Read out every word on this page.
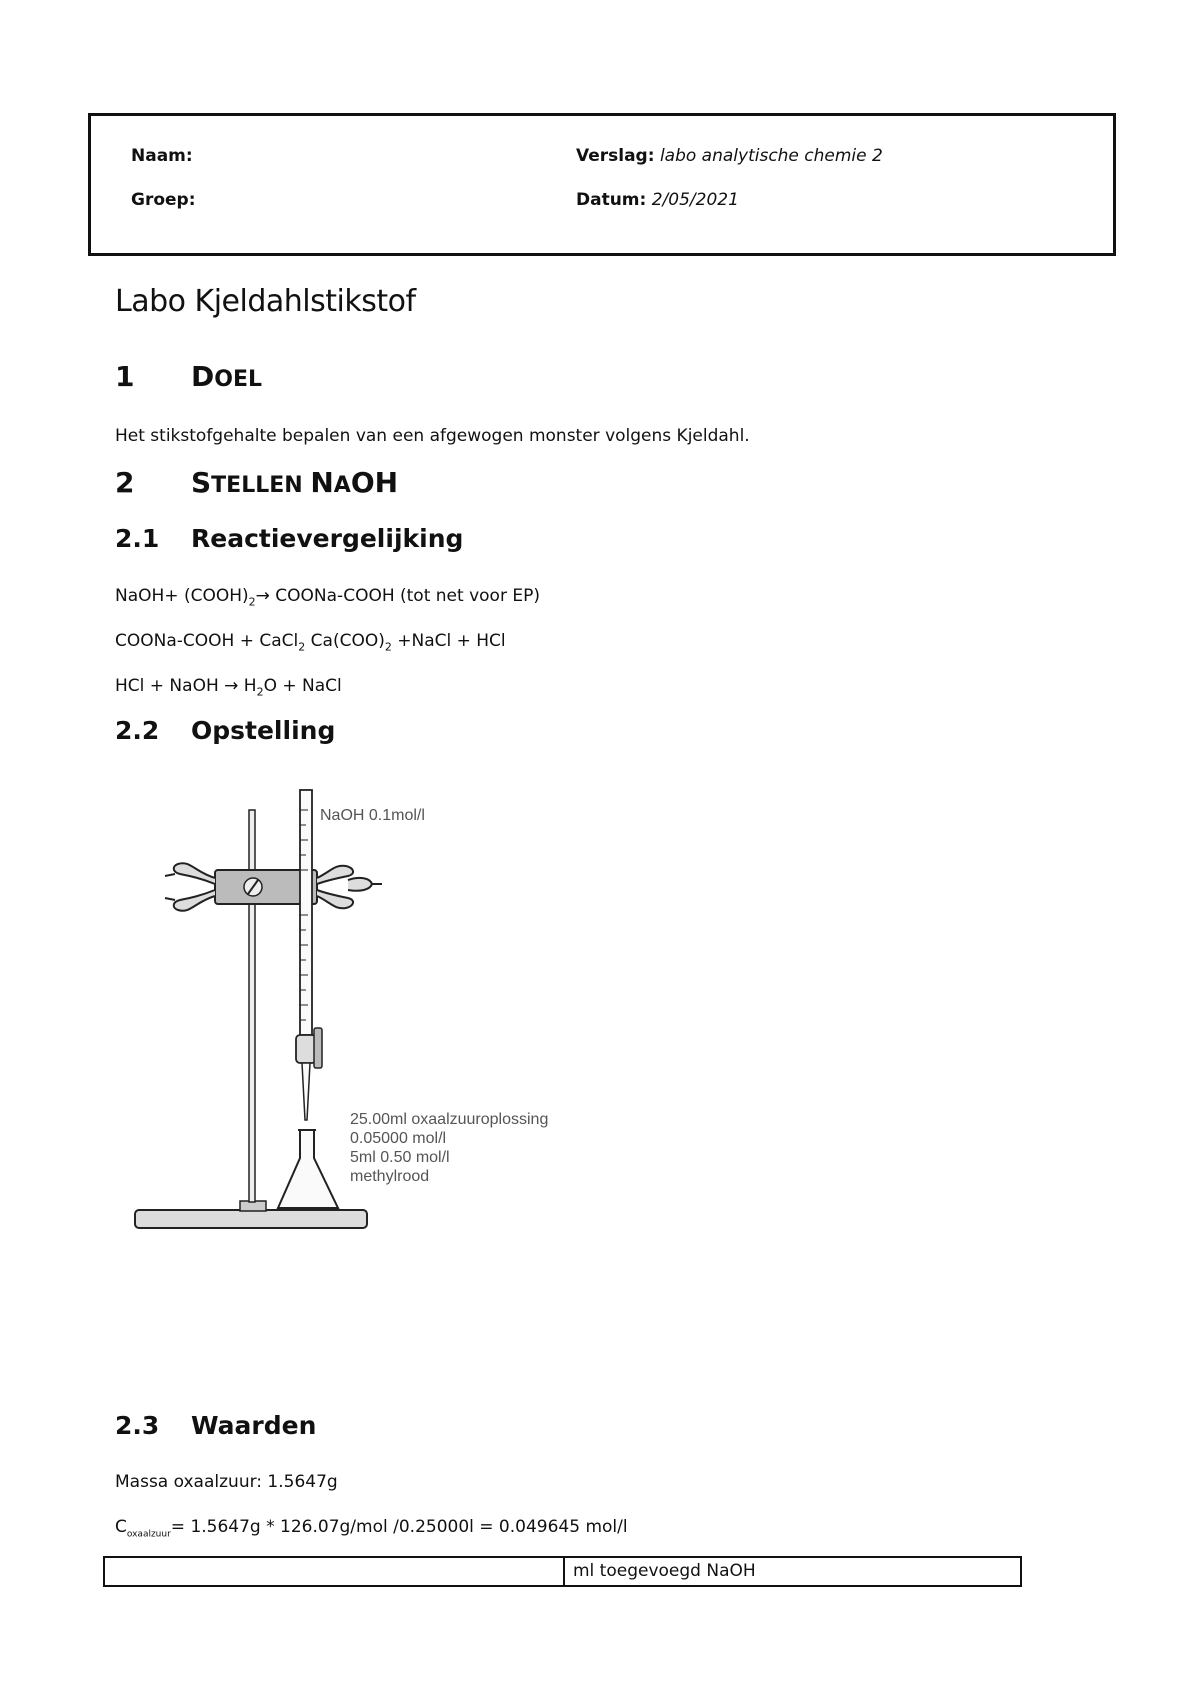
Naam:
Groep:
Verslag: labo analytische chemie 2
Datum: 2/05/2021
Labo Kjeldahlstikstof
1 DOEL
Het stikstofgehalte bepalen van een afgewogen monster volgens Kjeldahl.
2 STELLEN NAOH
2.1 Reactievergelijking
NaOH+ $(COOH)_2\to$ COONa-COOH (tot net voor EP)
COONa-COOH + CaCl$_2$ $Ca(COO)_2$ +NaCl + HCl
HCl + NaOH → $H_2O$ + NaCl
2.2 Opstelling
NaOH 0.1mol/l
25.00ml oxaalzuuroplossing
0.05000 mol/l
5ml 0.50 mol/l
methylrood
2.3 Waarden
Massa oxaalzuur: 1.5647g
$C_{oxaalzuur}= 1.5647g * 126.07g/mol$ /0.25000l = 0.049645 mol/l
ml toegevoegd NaOH
